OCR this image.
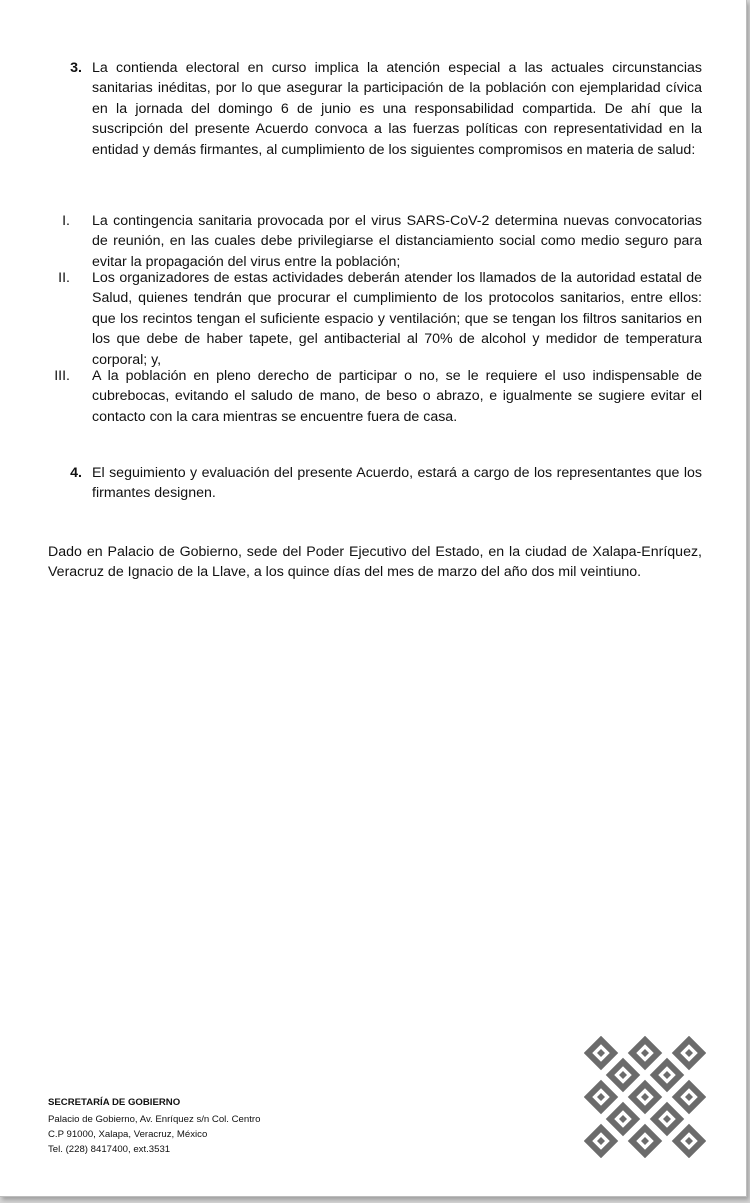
3. La contienda electoral en curso implica la atención especial a las actuales circunstancias sanitarias inéditas, por lo que asegurar la participación de la población con ejemplaridad cívica en la jornada del domingo 6 de junio es una responsabilidad compartida. De ahí que la suscripción del presente Acuerdo convoca a las fuerzas políticas con representatividad en la entidad y demás firmantes, al cumplimiento de los siguientes compromisos en materia de salud:

I. La contingencia sanitaria provocada por el virus SARS-CoV-2 determina nuevas convocatorias de reunión, en las cuales debe privilegiarse el distanciamiento social como medio seguro para evitar la propagación del virus entre la población;

II. Los organizadores de estas actividades deberán atender los llamados de la autoridad estatal de Salud, quienes tendrán que procurar el cumplimiento de los protocolos sanitarios, entre ellos: que los recintos tengan el suficiente espacio y ventilación; que se tengan los filtros sanitarios en los que debe de haber tapete, gel antibacterial al 70% de alcohol y medidor de temperatura corporal; y,

III. A la población en pleno derecho de participar o no, se le requiere el uso indispensable de cubrebocas, evitando el saludo de mano, de beso o abrazo, e igualmente se sugiere evitar el contacto con la cara mientras se encuentre fuera de casa.

4. El seguimiento y evaluación del presente Acuerdo, estará a cargo de los representantes que los firmantes designen.

Dado en Palacio de Gobierno, sede del Poder Ejecutivo del Estado, en la ciudad de Xalapa-Enríquez, Veracruz de Ignacio de la Llave, a los quince días del mes de marzo del año dos mil veintiuno.

SECRETARÍA DE GOBIERNO
Palacio de Gobierno, Av. Enríquez s/n Col. Centro
C.P 91000, Xalapa, Veracruz, México
Tel. (228) 8417400, ext.3531
